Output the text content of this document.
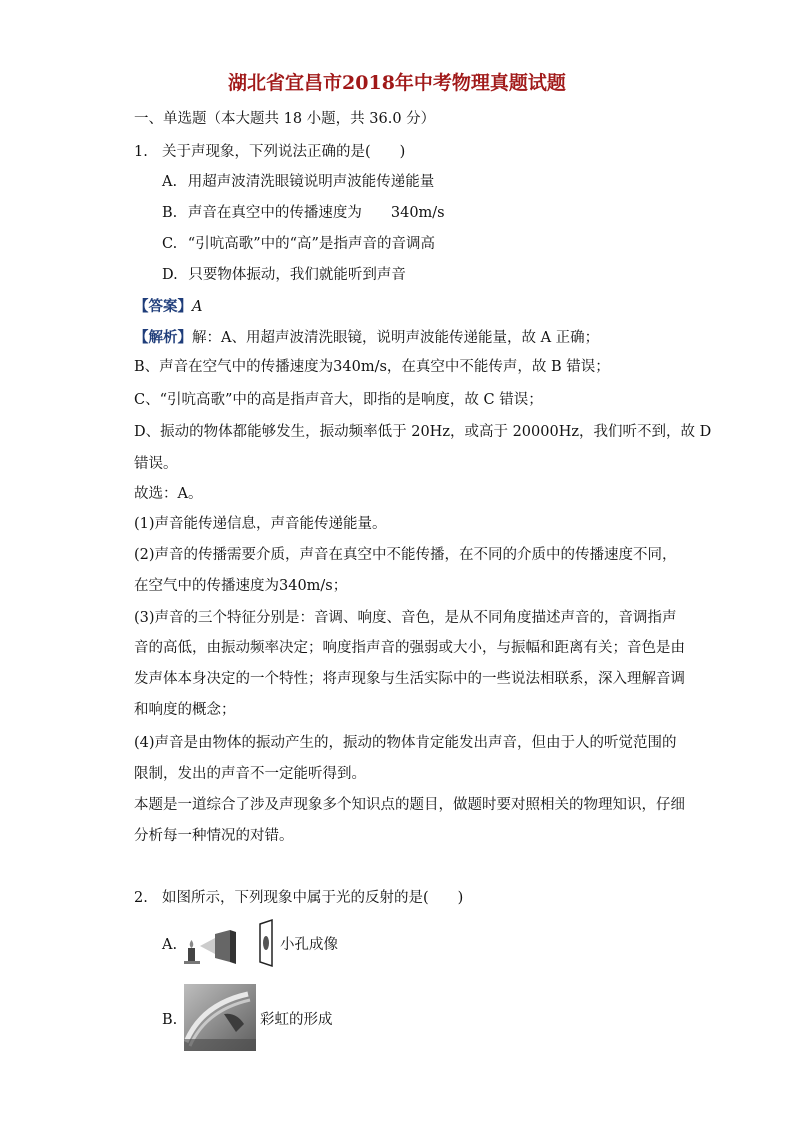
湖北省宜昌市2018年中考物理真题试题
一、单选题（本大题共 18 小题，共 36.0 分）
1. 关于声现象，下列说法正确的是(　　)
A. 用超声波清洗眼镜说明声波能传递能量
B. 声音在真空中的传播速度为　　340m/s
C. “引吭高歌”中的“高”是指声音的音调高
D. 只要物体振动，我们就能听到声音
【答案】A
【解析】解：A、用超声波清洗眼镜，说明声波能传递能量，故 A 正确；
B、声音在空气中的传播速度为340m/s，在真空中不能传声，故 B 错误；
C、“引吭高歌”中的高是指声音大，即指的是响度，故 C 错误；
D、振动的物体都能够发生，振动频率低于 20Hz，或高于 20000Hz，我们听不到，故 D
错误。
故选：A。
(1)声音能传递信息，声音能传递能量。
(2)声音的传播需要介质，声音在真空中不能传播，在不同的介质中的传播速度不同，
在空气中的传播速度为340m/s；
(3)声音的三个特征分别是：音调、响度、音色，是从不同角度描述声音的，音调指声
音的高低，由振动频率决定；响度指声音的强弱或大小，与振幅和距离有关；音色是由
发声体本身决定的一个特性；将声现象与生活实际中的一些说法相联系，深入理解音调
和响度的概念；
(4)声音是由物体的振动产生的，振动的物体肯定能发出声音，但由于人的听觉范围的
限制，发出的声音不一定能听得到。
本题是一道综合了涉及声现象多个知识点的题目，做题时要对照相关的物理知识，仔细
分析每一种情况的对错。
2. 如图所示，下列现象中属于光的反射的是(　　)
A.	小孔成像
B.	彩虹的形成
